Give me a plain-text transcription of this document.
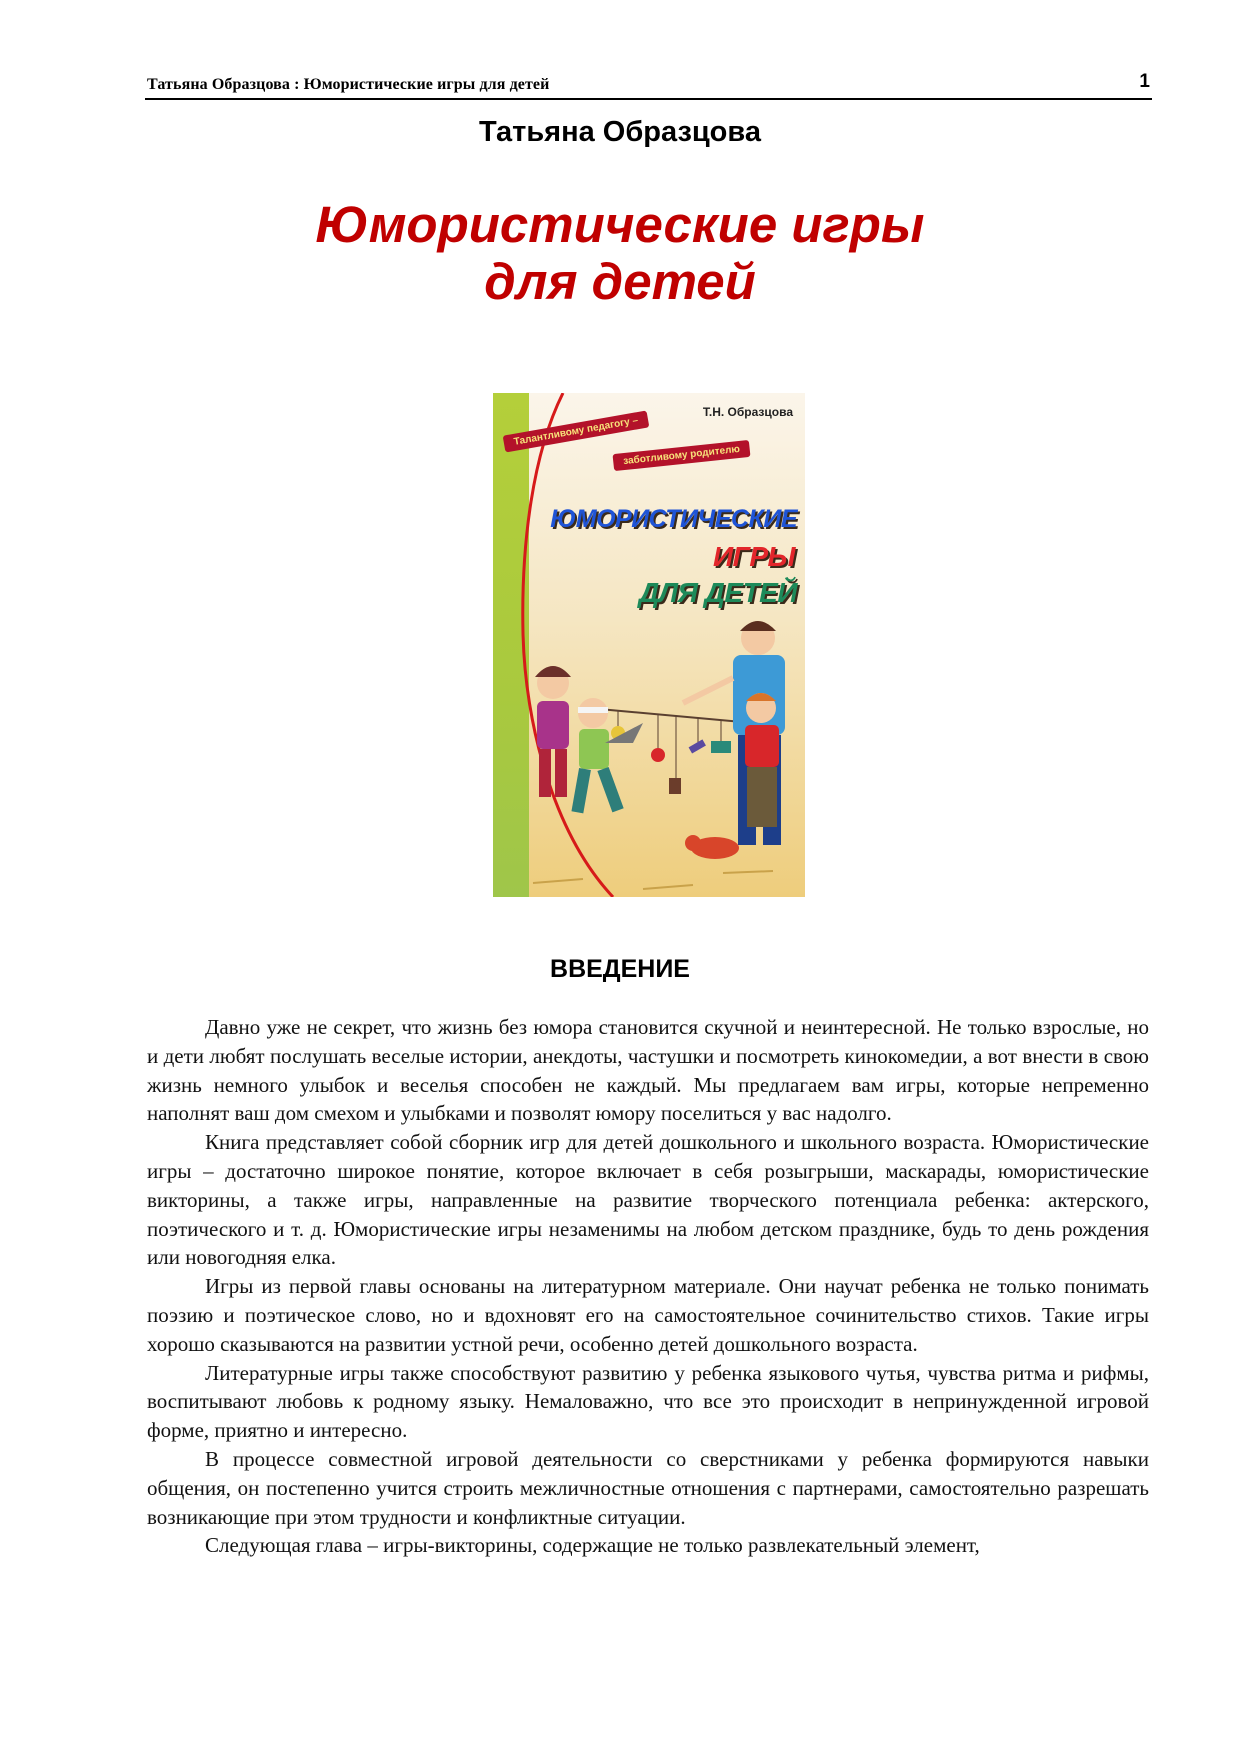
Татьяна Образцова : Юмористические игры для детей	1
Татьяна Образцова
Юмористические игры
для детей
Т.Н. Образцова
Талантливому педагогу –
заботливому родителю
ЮМОРИСТИЧЕСКИЕ
ИГРЫ
ДЛЯ ДЕТЕЙ
ВВЕДЕНИЕ

Давно уже не секрет, что жизнь без юмора становится скучной и неинтересной. Не только взрослые, но и дети любят послушать веселые истории, анекдоты, частушки и посмотреть кинокомедии, а вот внести в свою жизнь немного улыбок и веселья способен не каждый. Мы предлагаем вам игры, которые непременно наполнят ваш дом смехом и улыбками и позволят юмору поселиться у вас надолго.

Книга представляет собой сборник игр для детей дошкольного и школьного возраста. Юмористические игры – достаточно широкое понятие, которое включает в себя розыгрыши, маскарады, юмористические викторины, а также игры, направленные на развитие творческого потенциала ребенка: актерского, поэтического и т. д. Юмористические игры незаменимы на любом детском празднике, будь то день рождения или новогодняя елка.

Игры из первой главы основаны на литературном материале. Они научат ребенка не только понимать поэзию и поэтическое слово, но и вдохновят его на самостоятельное сочинительство стихов. Такие игры хорошо сказываются на развитии устной речи, особенно детей дошкольного возраста.

Литературные игры также способствуют развитию у ребенка языкового чутья, чувства ритма и рифмы, воспитывают любовь к родному языку. Немаловажно, что все это происходит в непринужденной игровой форме, приятно и интересно.

В процессе совместной игровой деятельности со сверстниками у ребенка формируются навыки общения, он постепенно учится строить межличностные отношения с партнерами, самостоятельно разрешать возникающие при этом трудности и конфликтные ситуации.

Следующая глава – игры-викторины, содержащие не только развлекательный элемент,
